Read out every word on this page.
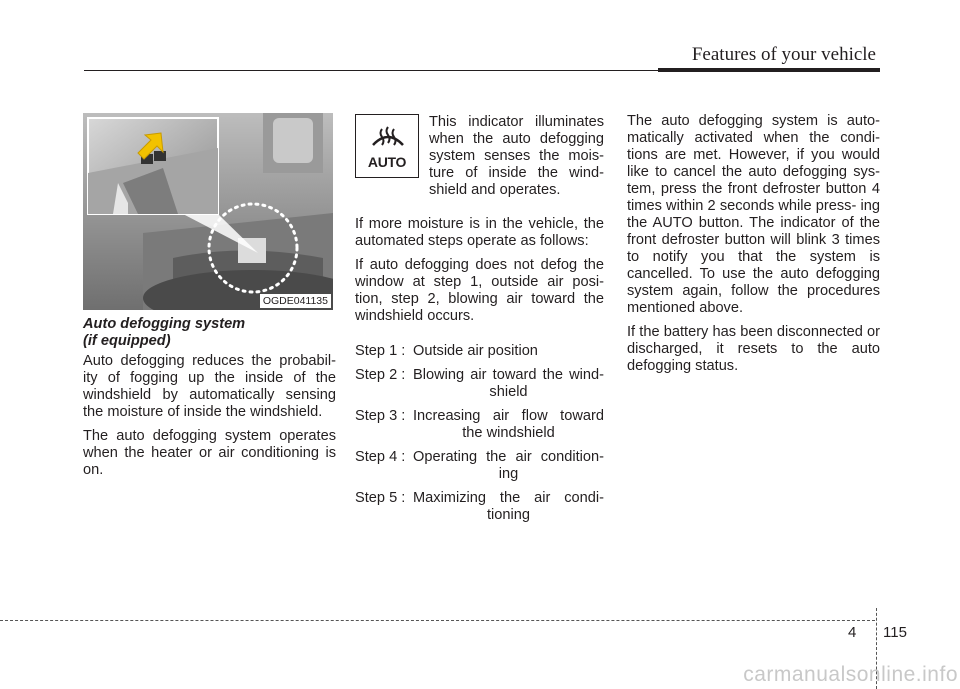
Features of your vehicle
OGDE041135
Auto defogging system
(if equipped)

Auto defogging reduces the probabil- ity of fogging up the inside of the windshield by automatically sensing the moisture of inside the windshield.

The auto defogging system operates when the heater or air conditioning is on.

AUTO
This indicator illuminates when the auto defogging system senses the mois- ture of inside the wind- shield and operates.

If more moisture is in the vehicle, the automated steps operate as follows:

If auto defogging does not defog the window at step 1, outside air posi- tion, step 2, blowing air toward the windshield occurs.

Step 1 : Outside air position
Step 2 : Blowing air toward the wind-
shield
Step 3 : Increasing air flow toward
the windshield
Step 4 : Operating the air condition-
ing
Step 5 : Maximizing the air condi-
tioning

The auto defogging system is auto- matically activated when the condi- tions are met. However, if you would like to cancel the auto defogging sys- tem, press the front defroster button 4 times within 2 seconds while press- ing the AUTO button. The indicator of the front defroster button will blink 3 times to notify you that the system is cancelled. To use the auto defogging system again, follow the procedures mentioned above.

If the battery has been disconnected or discharged, it resets to the auto defogging status.

4 115
carmanualsonline.info
